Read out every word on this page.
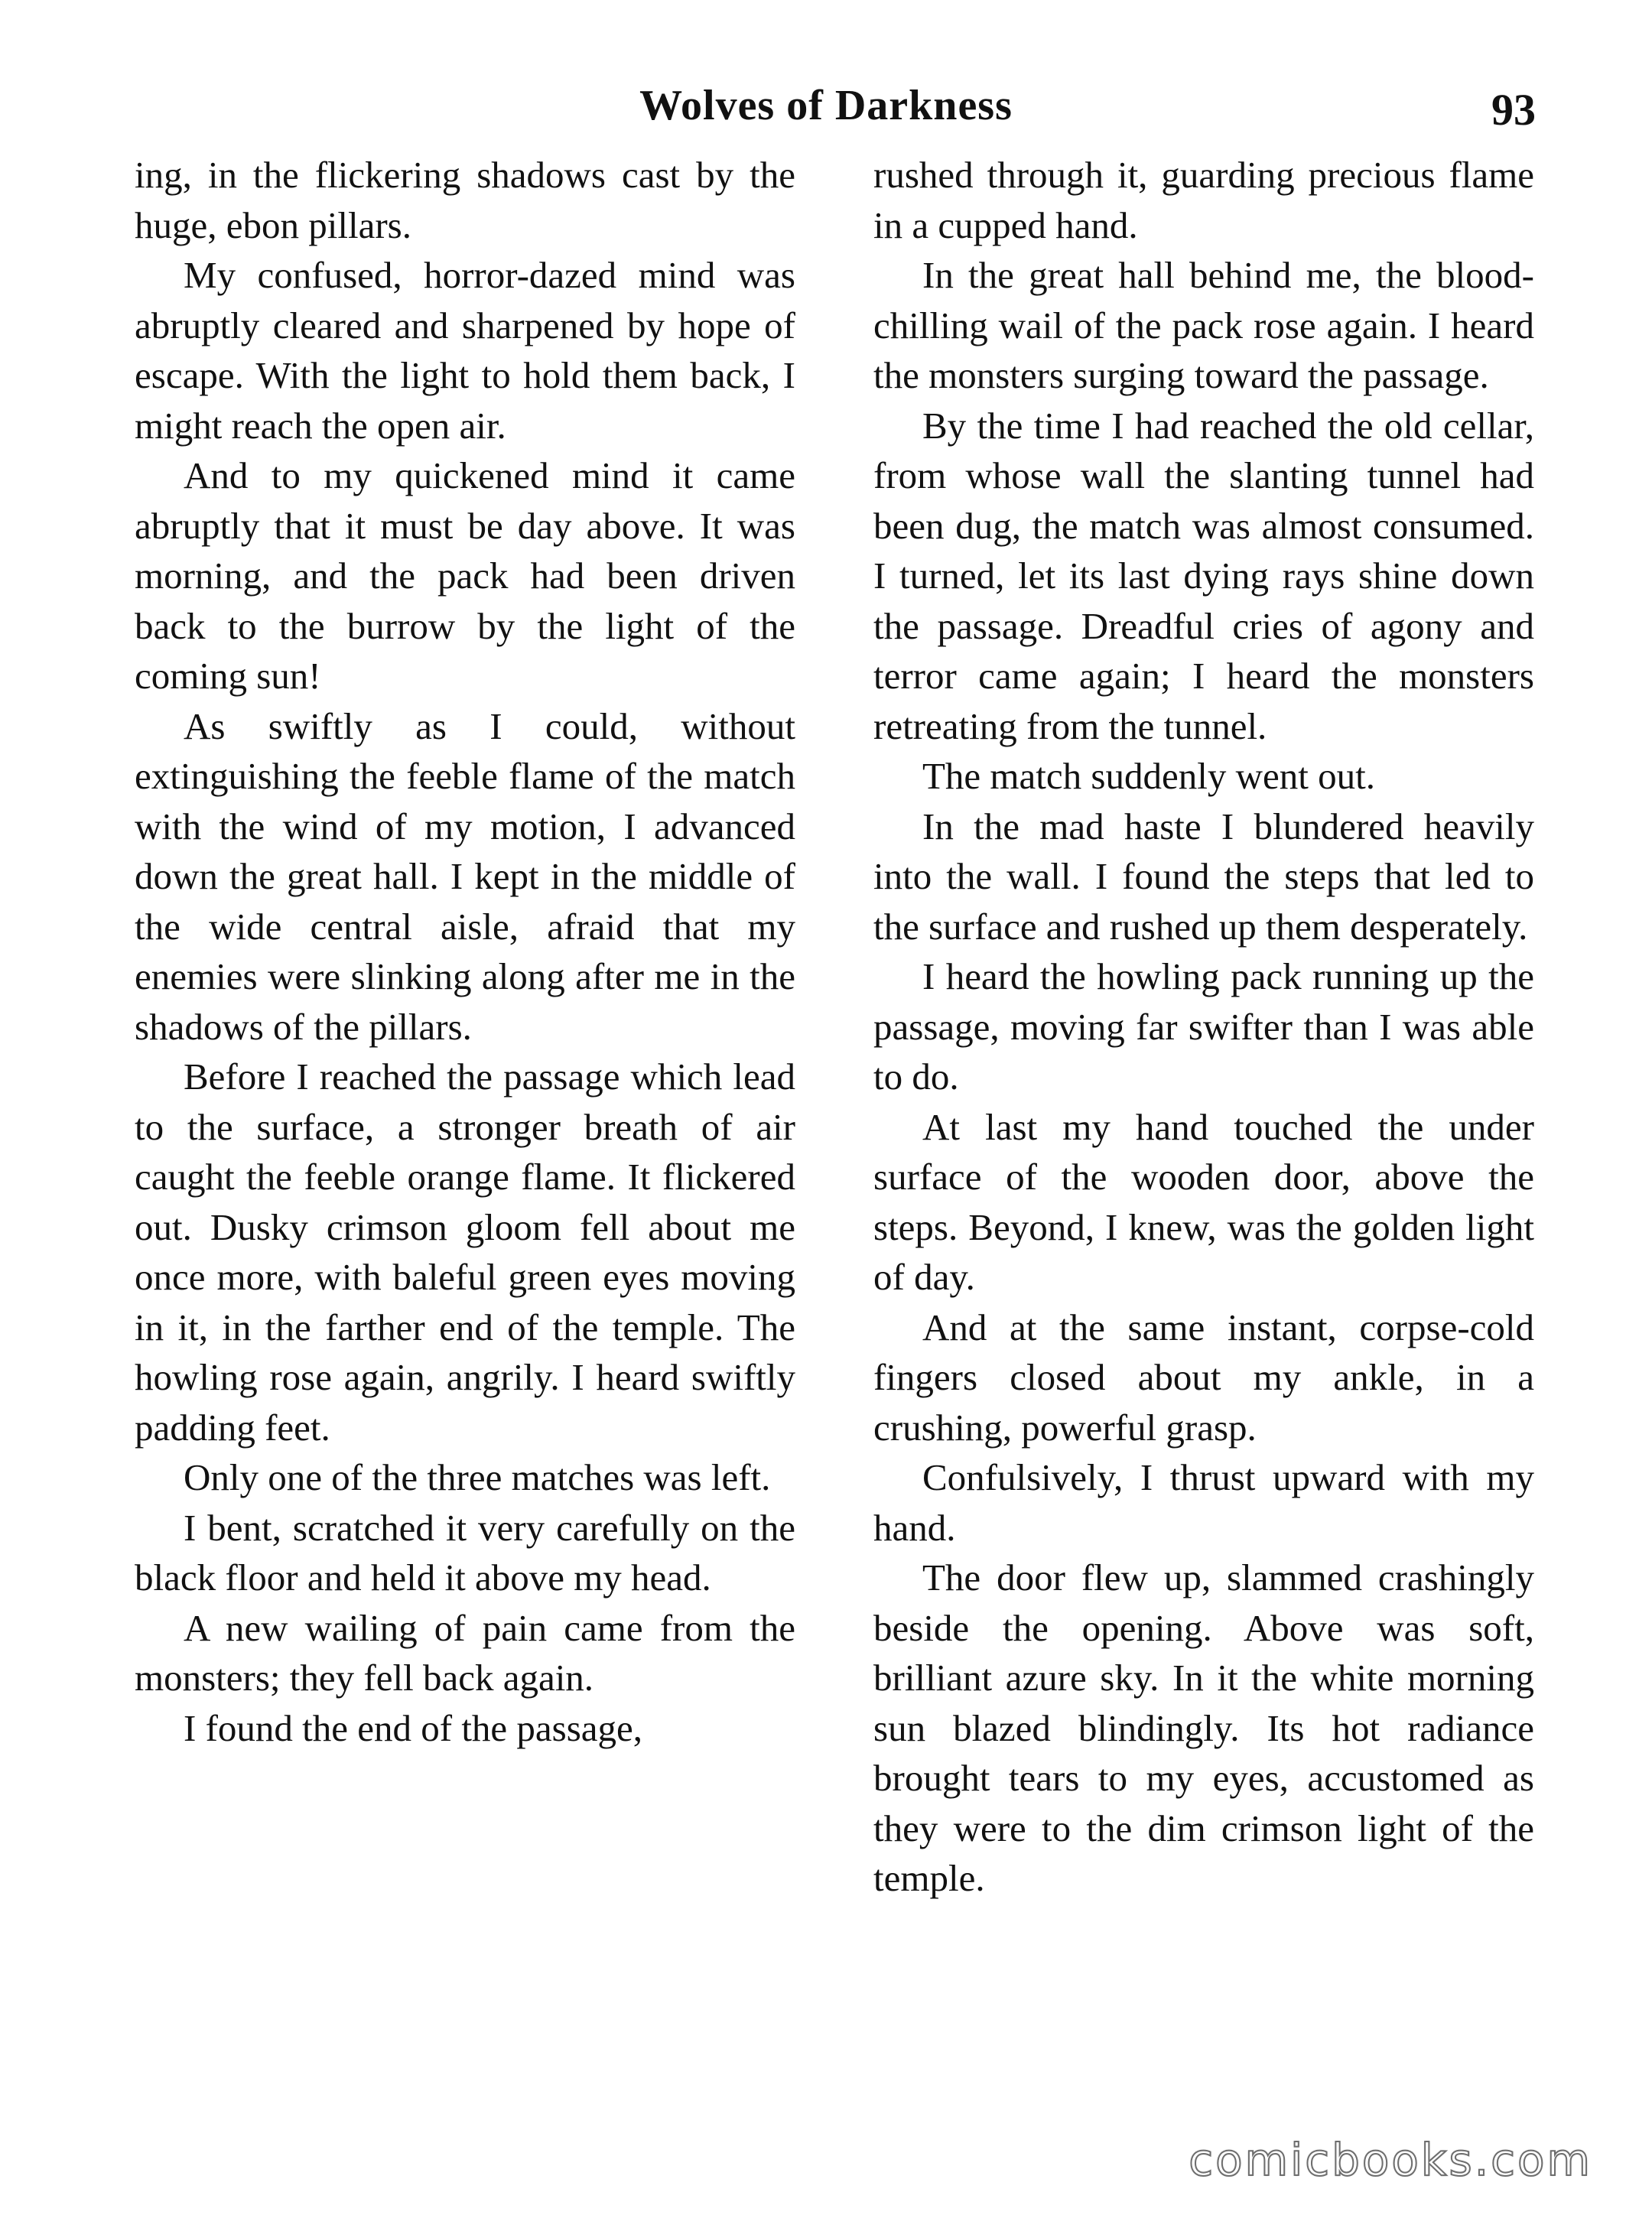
Wolves of Darkness	93

ing, in the flickering shadows cast by the huge, ebon pillars.

My confused, horror-dazed mind was abruptly cleared and sharpened by hope of escape. With the light to hold them back, I might reach the open air.

And to my quickened mind it came abruptly that it must be day above. It was morning, and the pack had been driven back to the burrow by the light of the coming sun!

As swiftly as I could, without extinguishing the feeble flame of the match with the wind of my motion, I advanced down the great hall. I kept in the middle of the wide central aisle, afraid that my enemies were slinking along after me in the shadows of the pillars.

Before I reached the passage which lead to the surface, a stronger breath of air caught the feeble orange flame. It flickered out. Dusky crimson gloom fell about me once more, with baleful green eyes moving in it, in the farther end of the temple. The howling rose again, angrily. I heard swiftly padding feet.

Only one of the three matches was left.

I bent, scratched it very carefully on the black floor and held it above my head.

A new wailing of pain came from the monsters; they fell back again.

I found the end of the passage,

rushed through it, guarding precious flame in a cupped hand.

In the great hall behind me, the blood-chilling wail of the pack rose again. I heard the monsters surging toward the passage.

By the time I had reached the old cellar, from whose wall the slanting tunnel had been dug, the match was almost consumed. I turned, let its last dying rays shine down the passage. Dreadful cries of agony and terror came again; I heard the monsters retreating from the tunnel.

The match suddenly went out.

In the mad haste I blundered heavily into the wall. I found the steps that led to the surface and rushed up them desperately.

I heard the howling pack running up the passage, moving far swifter than I was able to do.

At last my hand touched the under surface of the wooden door, above the steps. Beyond, I knew, was the golden light of day.

And at the same instant, corpse-cold fingers closed about my ankle, in a crushing, powerful grasp.

Confulsively, I thrust upward with my hand.

The door flew up, slammed crashingly beside the opening. Above was soft, brilliant azure sky. In it the white morning sun blazed blindingly. Its hot radiance brought tears to my eyes, accustomed as they were to the dim crimson light of the temple.

comicbooks.com
